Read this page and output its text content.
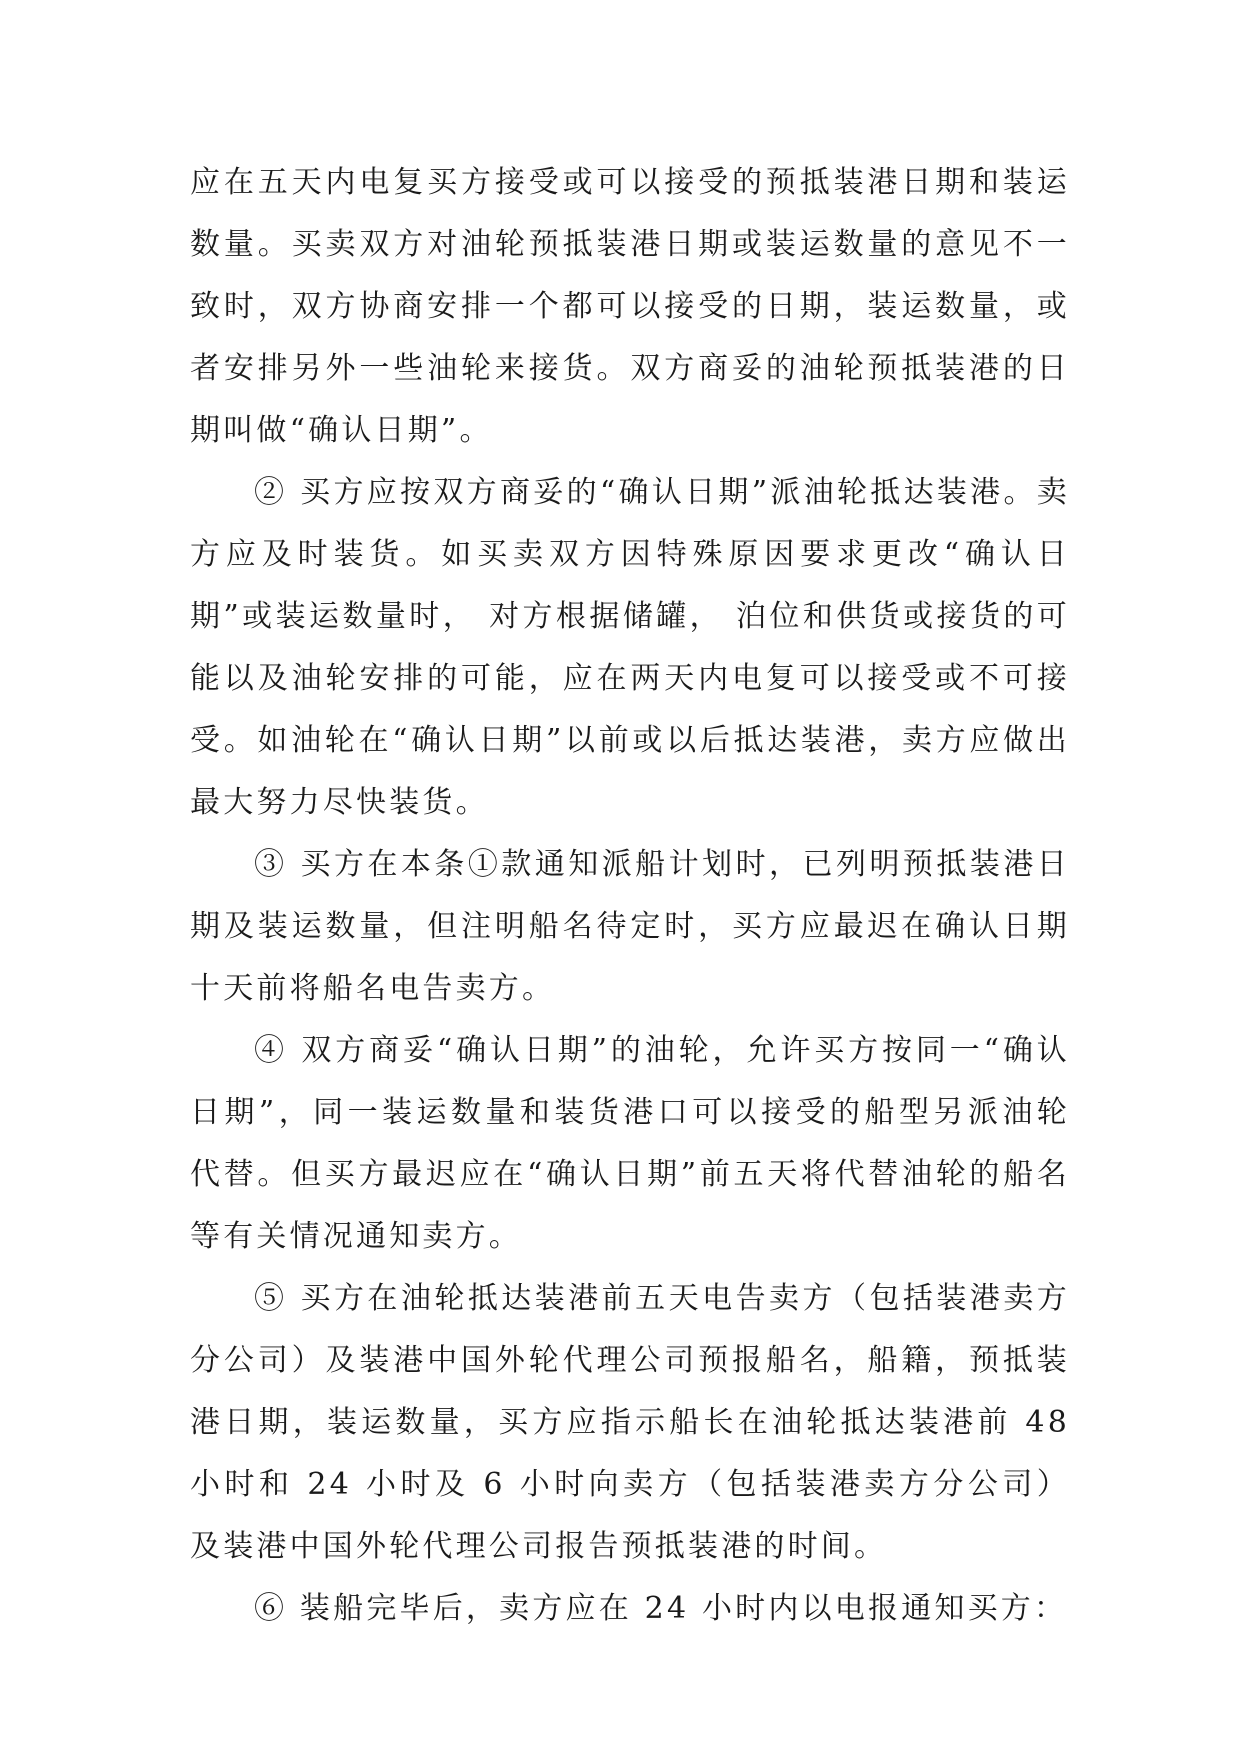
应在五天内电复买方接受或可以接受的预抵装港日期和装运数量。买卖双方对油轮预抵装港日期或装运数量的意见不一致时，双方协商安排一个都可以接受的日期，装运数量，或者安排另外一些油轮来接货。双方商妥的油轮预抵装港的日期叫做“确认日期”。

② 买方应按双方商妥的“确认日期”派油轮抵达装港。卖方应及时装货。如买卖双方因特殊原因要求更改“确认日期”或装运数量时， 对方根据储罐， 泊位和供货或接货的可能以及油轮安排的可能，应在两天内电复可以接受或不可接受。如油轮在“确认日期”以前或以后抵达装港，卖方应做出最大努力尽快装货。

③ 买方在本条①款通知派船计划时，已列明预抵装港日期及装运数量，但注明船名待定时，买方应最迟在确认日期十天前将船名电告卖方。

④ 双方商妥“确认日期”的油轮，允许买方按同一“确认日期”，同一装运数量和装货港口可以接受的船型另派油轮代替。但买方最迟应在“确认日期”前五天将代替油轮的船名等有关情况通知卖方。

⑤ 买方在油轮抵达装港前五天电告卖方（包括装港卖方分公司）及装港中国外轮代理公司预报船名，船籍，预抵装港日期，装运数量，买方应指示船长在油轮抵达装港前 48 小时和 24 小时及 6 小时向卖方（包括装港卖方分公司）及装港中国外轮代理公司报告预抵装港的时间。

⑥ 装船完毕后，卖方应在 24 小时内以电报通知买方：
